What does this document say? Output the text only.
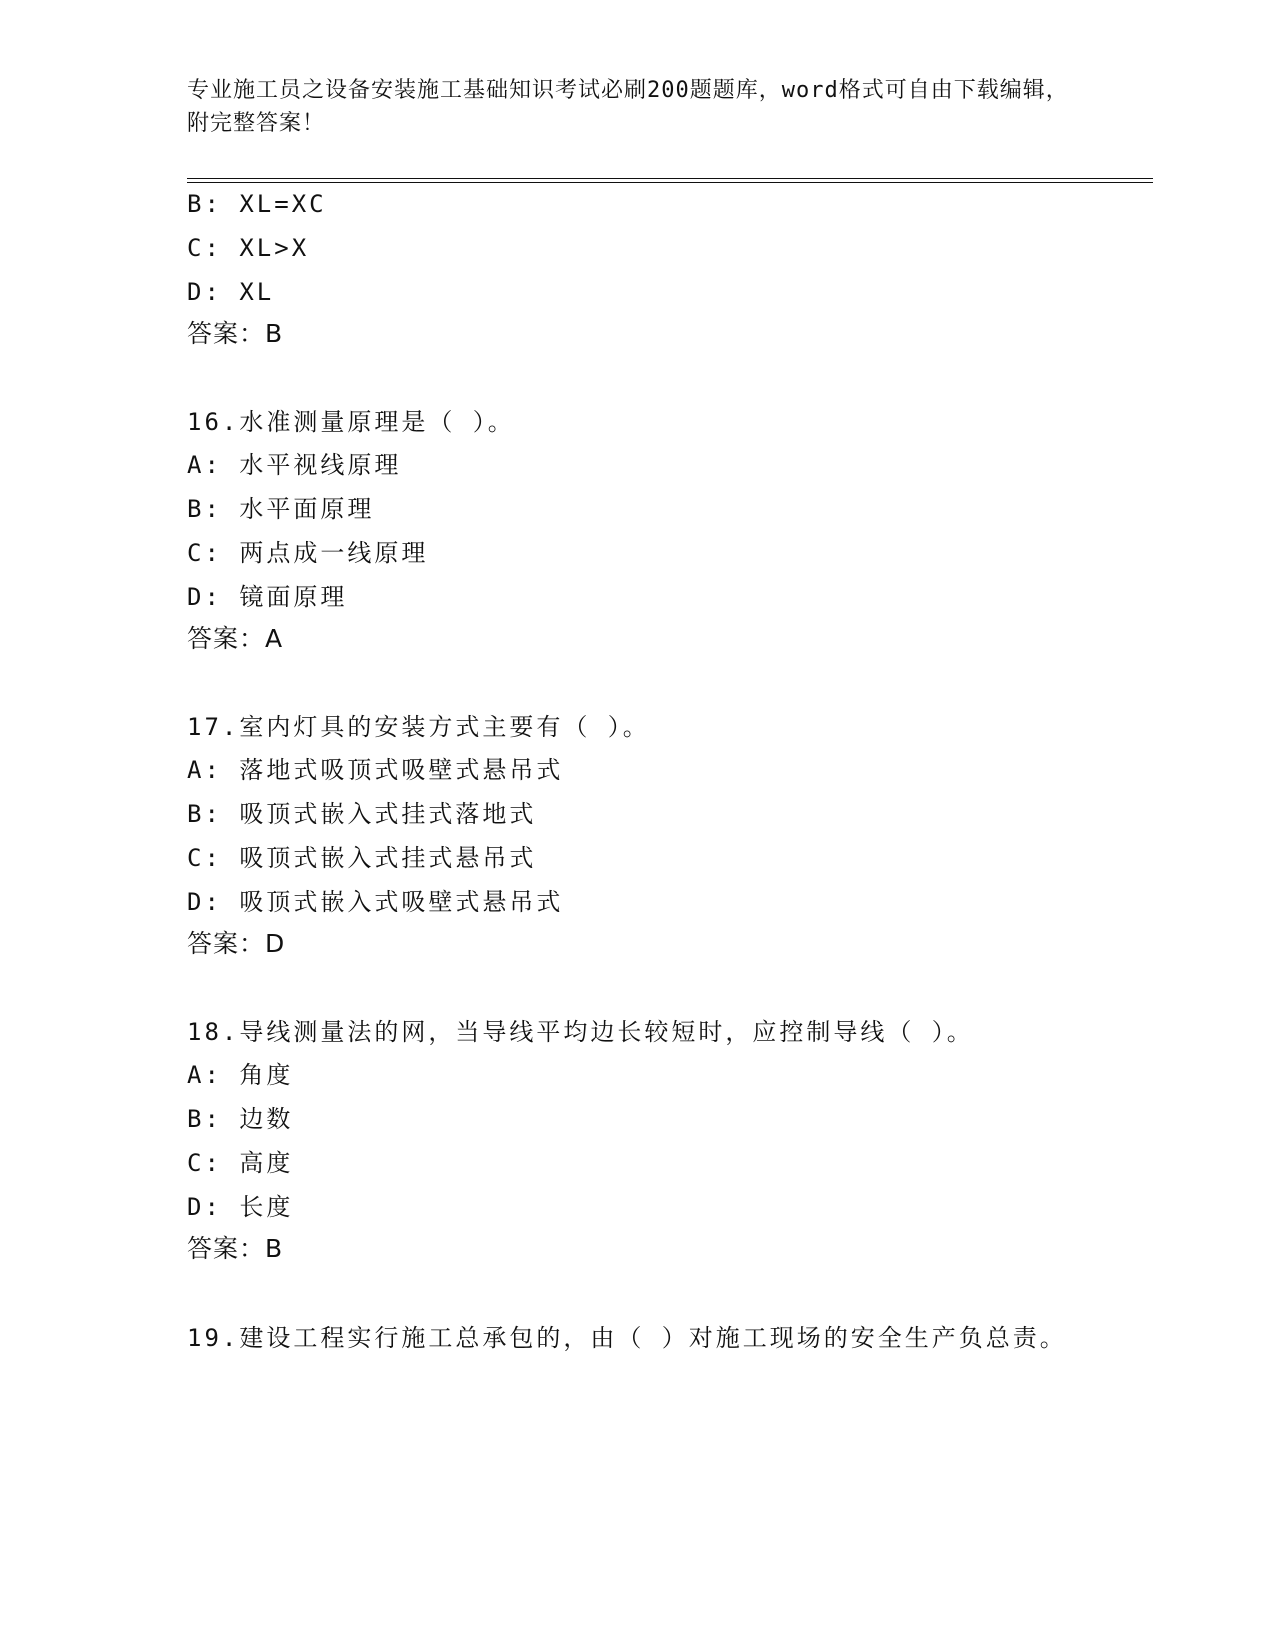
专业施工员之设备安装施工基础知识考试必刷200题题库，word格式可自由下载编辑，附完整答案！
B: XL=XC
C: XL>X
D: XL
答案：B
16.水准测量原理是（ ）。
A: 水平视线原理
B: 水平面原理
C: 两点成一线原理
D: 镜面原理
答案：A
17.室内灯具的安装方式主要有（ ）。
A: 落地式吸顶式吸壁式悬吊式
B: 吸顶式嵌入式挂式落地式
C: 吸顶式嵌入式挂式悬吊式
D: 吸顶式嵌入式吸壁式悬吊式
答案：D
18.导线测量法的网，当导线平均边长较短时，应控制导线（ ）。
A: 角度
B: 边数
C: 高度
D: 长度
答案：B
19.建设工程实行施工总承包的，由（ ）对施工现场的安全生产负总责。
